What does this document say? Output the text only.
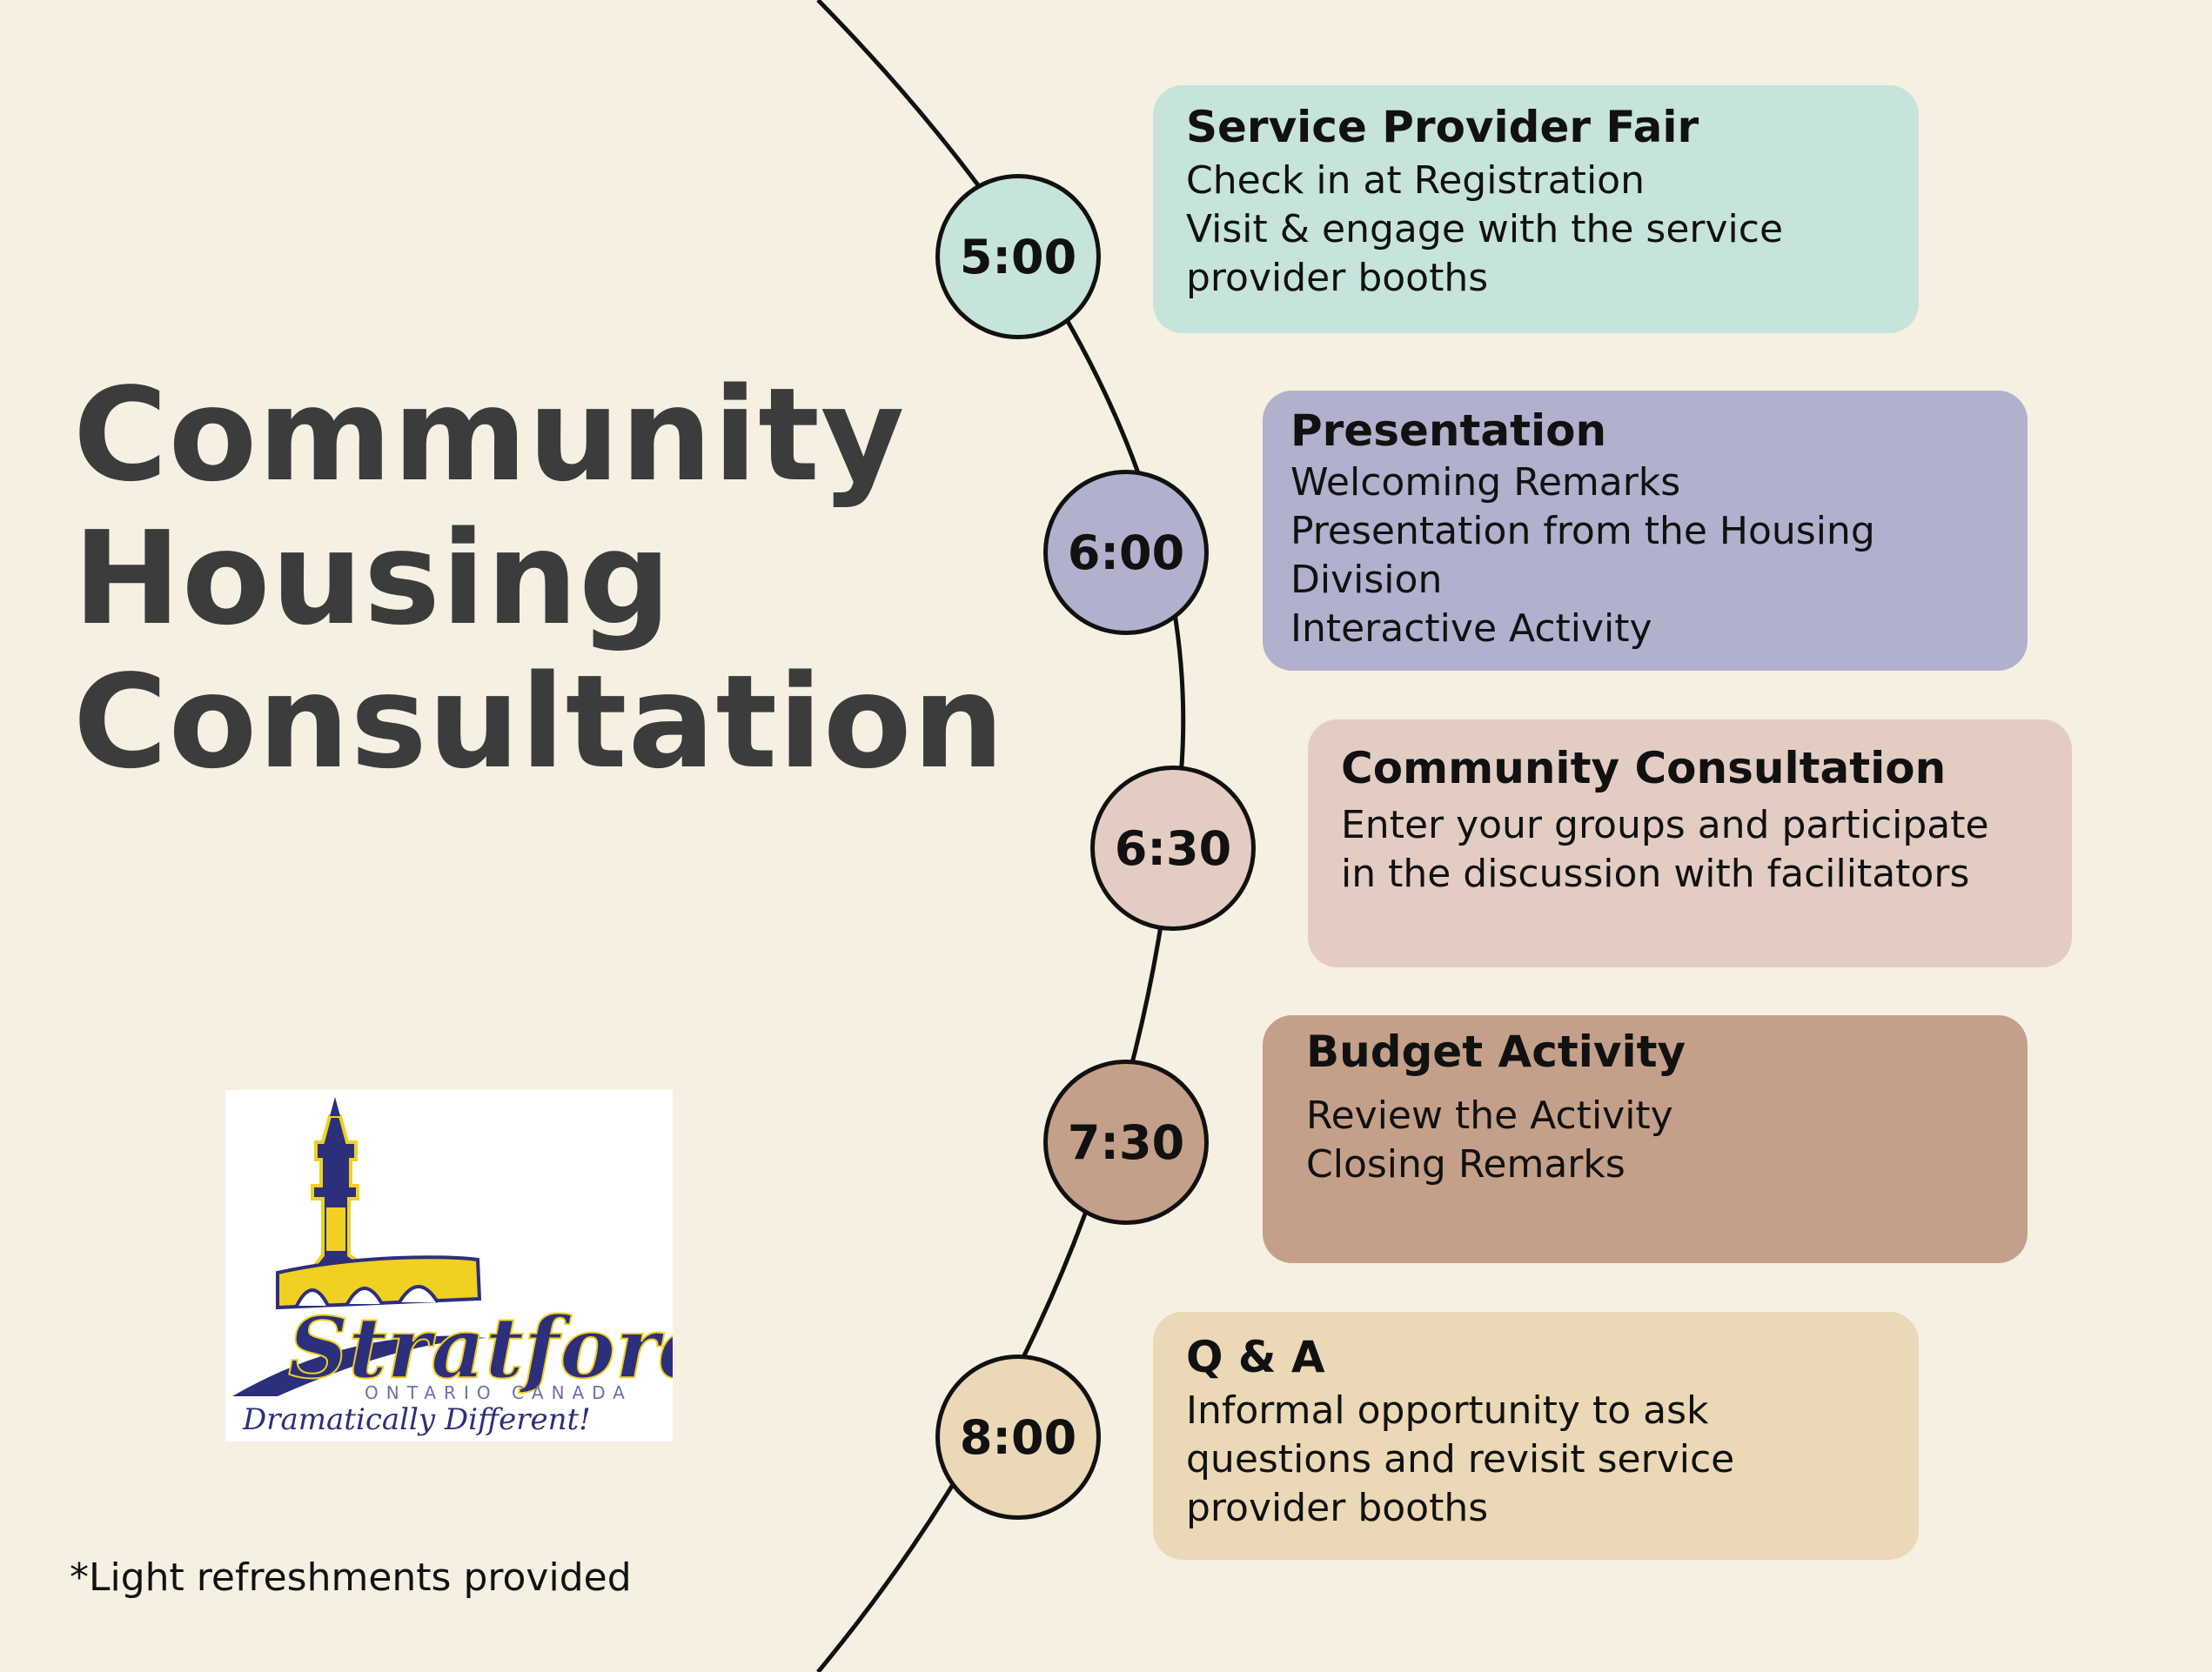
Community
Housing
Consultation
5:00
Service Provider Fair
Check in at Registration
Visit & engage with the service
provider booths
6:00
Presentation
Welcoming Remarks
Presentation from the Housing
Division
Interactive Activity
6:30
Community Consultation
Enter your groups and participate
in the discussion with facilitators
7:30
Budget Activity
Review the Activity
Closing Remarks
8:00
Q & A
Informal opportunity to ask
questions and revisit service
provider booths
Stratfor
ONTARIO CANADA
Dramatically Different!
*Light refreshments provided
